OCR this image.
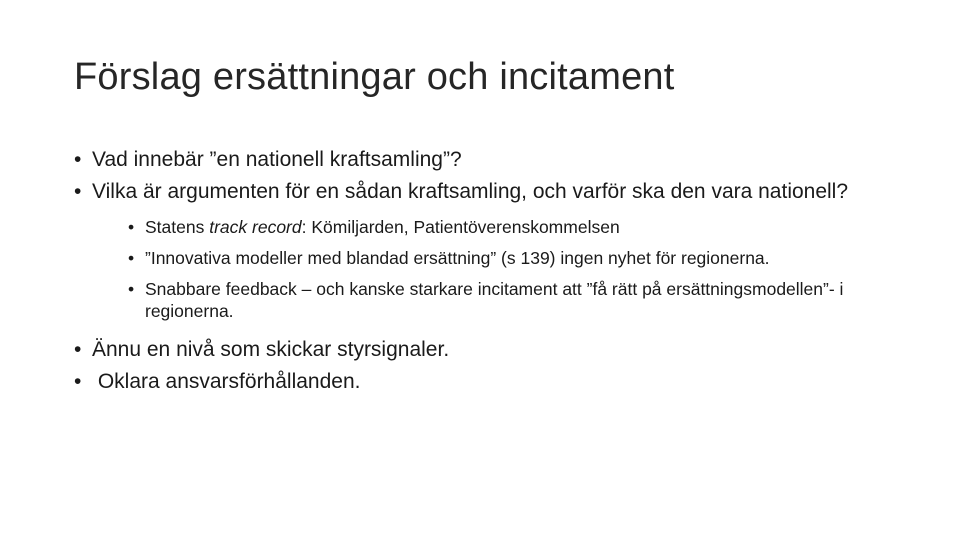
Förslag ersättningar och incitament
• Vad innebär ”en nationell kraftsamling”?
• Vilka är argumenten för en sådan kraftsamling, och varför ska den vara nationell?
• Statens track record: Kömiljarden, Patientöverenskommelsen
• ”Innovativa modeller med blandad ersättning” (s 139) ingen nyhet för regionerna.
• Snabbare feedback – och kanske starkare incitament att ”få rätt på ersättningsmodellen”- i regionerna.
• Ännu en nivå som skickar styrsignaler.
• Oklara ansvarsförhållanden.
